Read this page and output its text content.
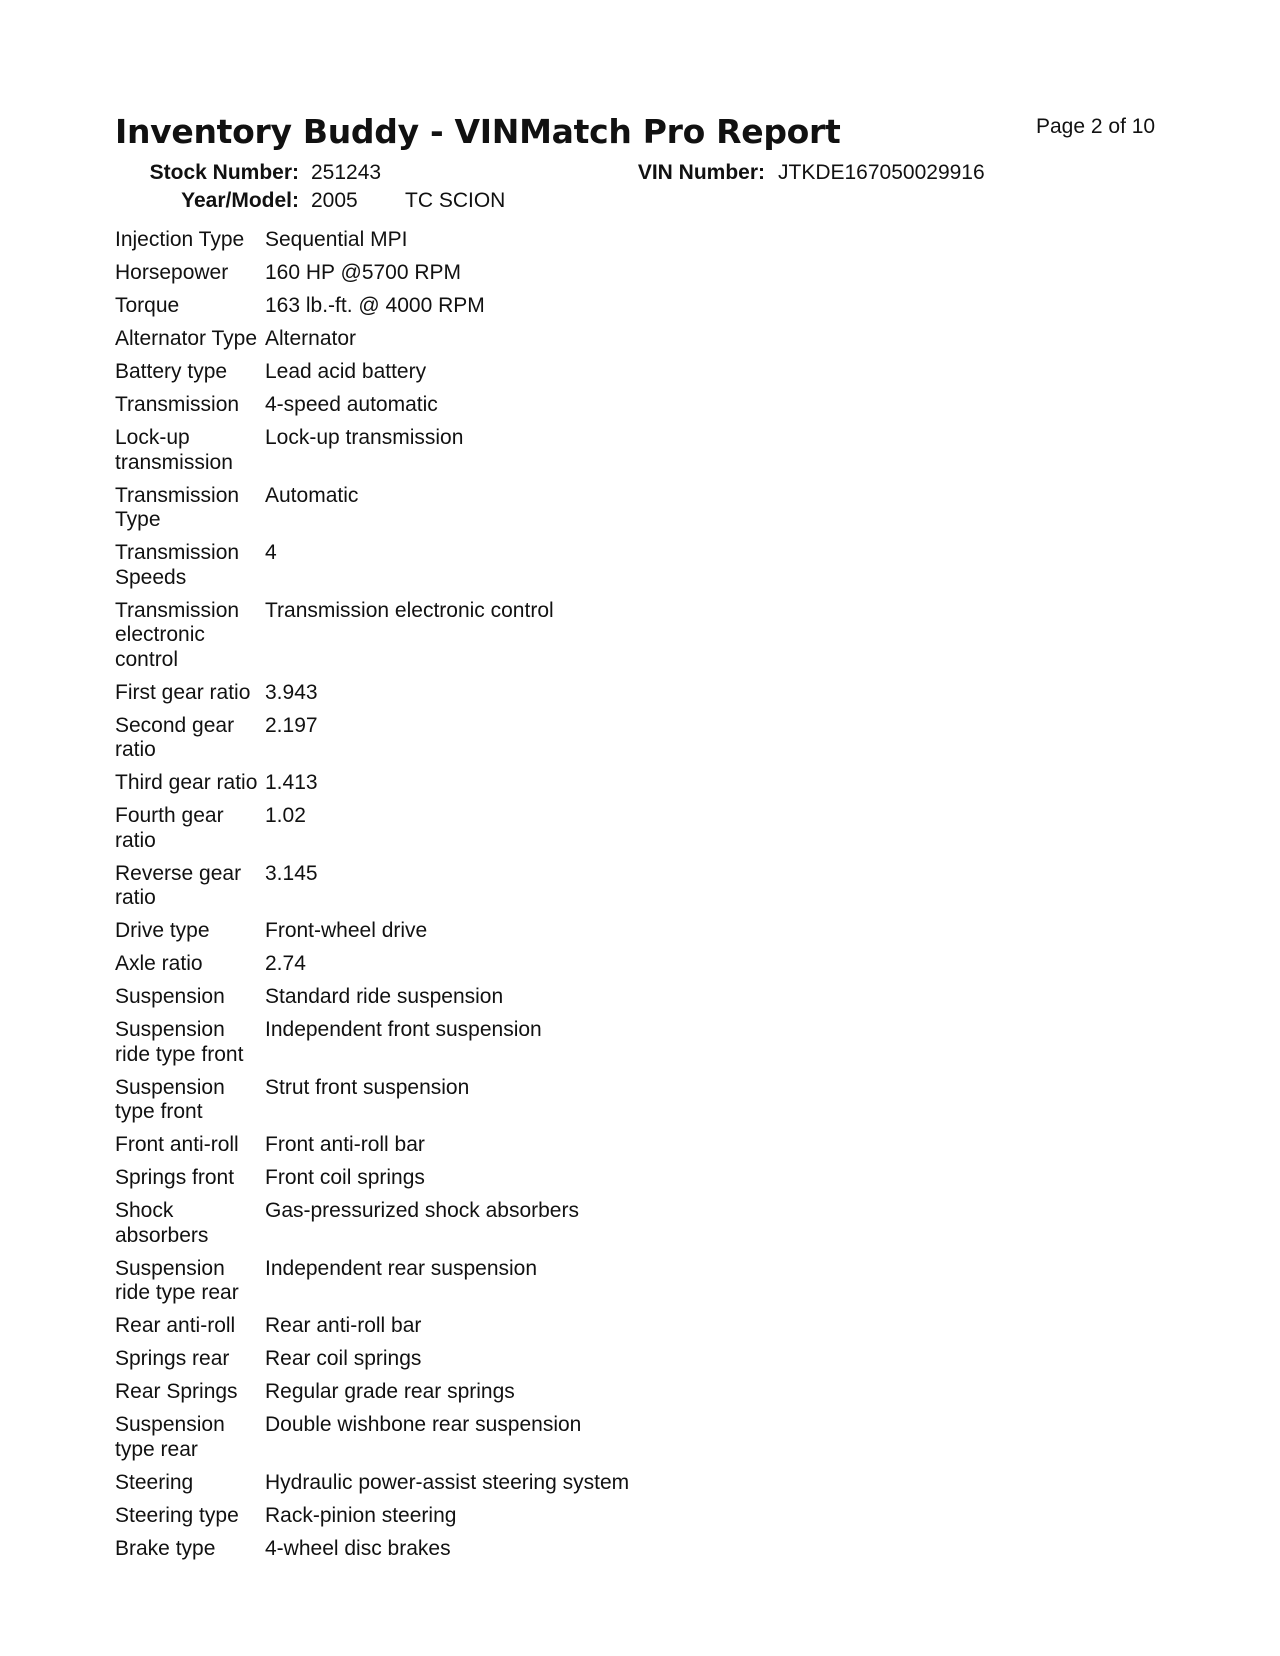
Inventory Buddy - VINMatch Pro Report	Page 2 of 10
Stock Number: 251243	VIN Number: JTKDE167050029916
Year/Model: 2005 TC SCION
Injection Type	Sequential MPI
Horsepower	160 HP @5700 RPM
Torque	163 lb.-ft. @ 4000 RPM
Alternator Type	Alternator
Battery type	Lead acid battery
Transmission	4-speed automatic
Lock-up transmission	Lock-up transmission
Transmission Type	Automatic
Transmission Speeds	4
Transmission electronic control	Transmission electronic control
First gear ratio	3.943
Second gear ratio	2.197
Third gear ratio	1.413
Fourth gear ratio	1.02
Reverse gear ratio	3.145
Drive type	Front-wheel drive
Axle ratio	2.74
Suspension	Standard ride suspension
Suspension ride type front	Independent front suspension
Suspension type front	Strut front suspension
Front anti-roll	Front anti-roll bar
Springs front	Front coil springs
Shock absorbers	Gas-pressurized shock absorbers
Suspension ride type rear	Independent rear suspension
Rear anti-roll	Rear anti-roll bar
Springs rear	Rear coil springs
Rear Springs	Regular grade rear springs
Suspension type rear	Double wishbone rear suspension
Steering	Hydraulic power-assist steering system
Steering type	Rack-pinion steering
Brake type	4-wheel disc brakes
